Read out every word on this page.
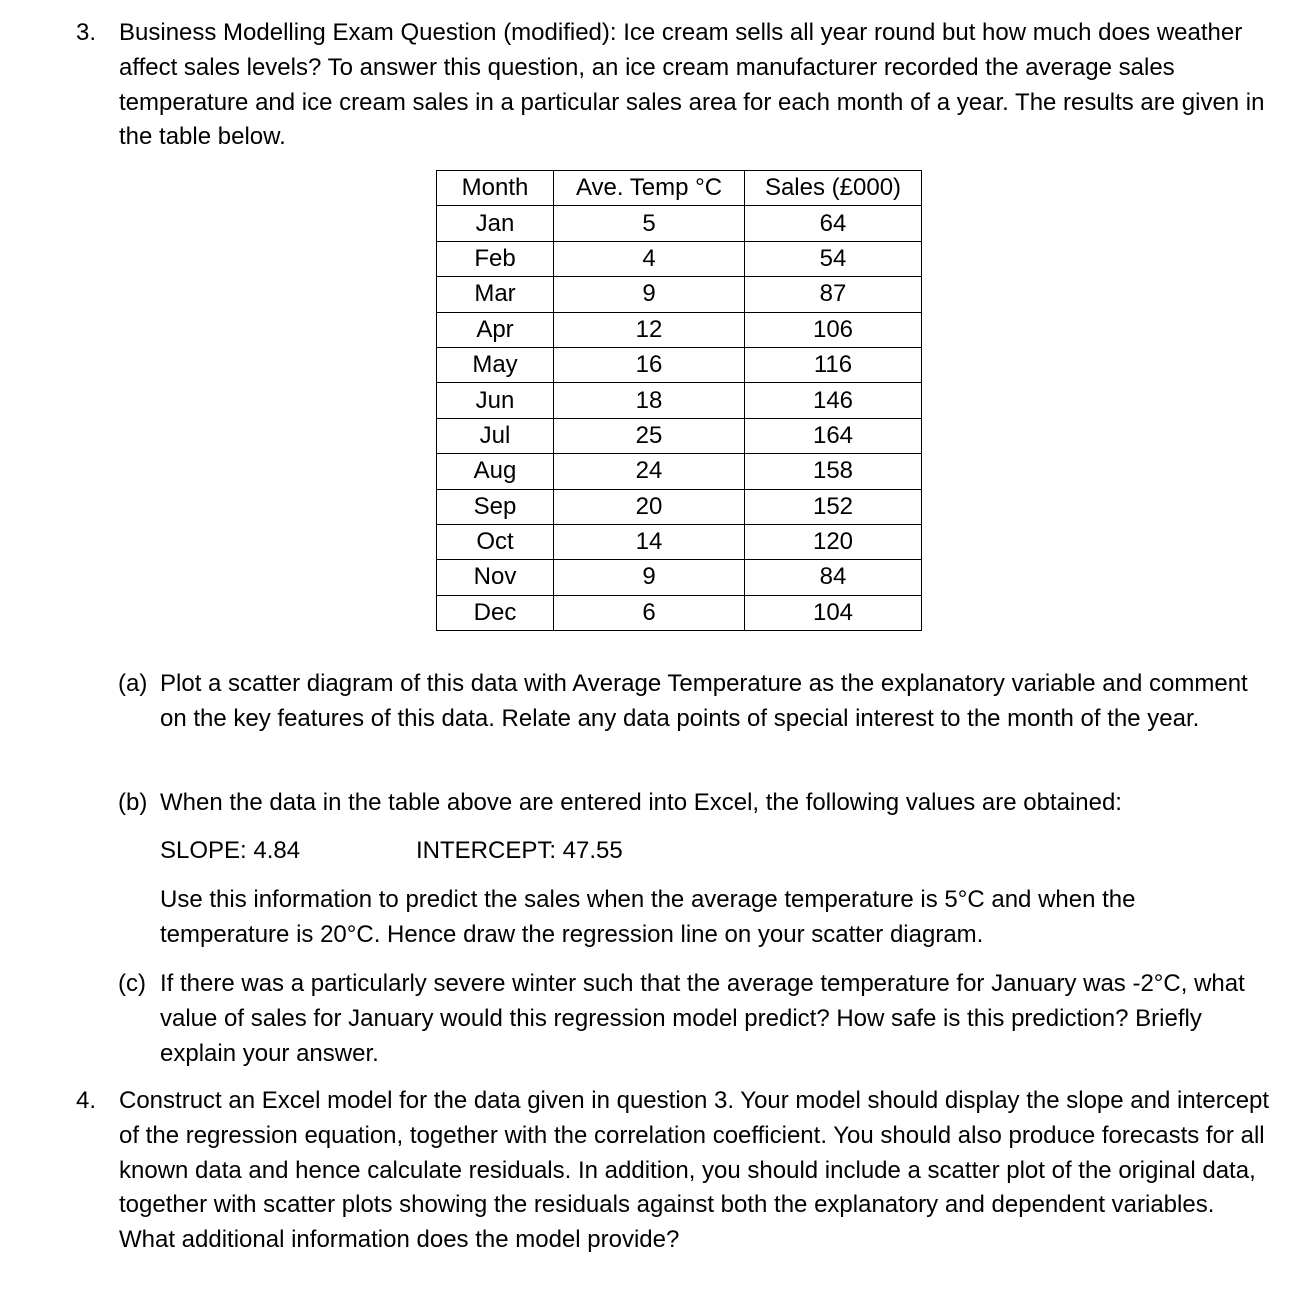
3. Business Modelling Exam Question (modified): Ice cream sells all year round but how much does weather affect sales levels? To answer this question, an ice cream manufacturer recorded the average sales temperature and ice cream sales in a particular sales area for each month of a year. The results are given in the table below.

Month	Ave. Temp °C	Sales (£000)
Jan	5	64
Feb	4	54
Mar	9	87
Apr	12	106
May	16	116
Jun	18	146
Jul	25	164
Aug	24	158
Sep	20	152
Oct	14	120
Nov	9	84
Dec	6	104
(a) Plot a scatter diagram of this data with Average Temperature as the explanatory variable and comment on the key features of this data. Relate any data points of special interest to the month of the year.

(b) When the data in the table above are entered into Excel, the following values are obtained:

SLOPE: 4.84	INTERCEPT: 47.55

Use this information to predict the sales when the average temperature is 5°C and when the temperature is 20°C. Hence draw the regression line on your scatter diagram.

(c) If there was a particularly severe winter such that the average temperature for January was -2°C, what value of sales for January would this regression model predict? How safe is this prediction? Briefly explain your answer.

4. Construct an Excel model for the data given in question 3. Your model should display the slope and intercept of the regression equation, together with the correlation coefficient. You should also produce forecasts for all known data and hence calculate residuals. In addition, you should include a scatter plot of the original data, together with scatter plots showing the residuals against both the explanatory and dependent variables. What additional information does the model provide?
